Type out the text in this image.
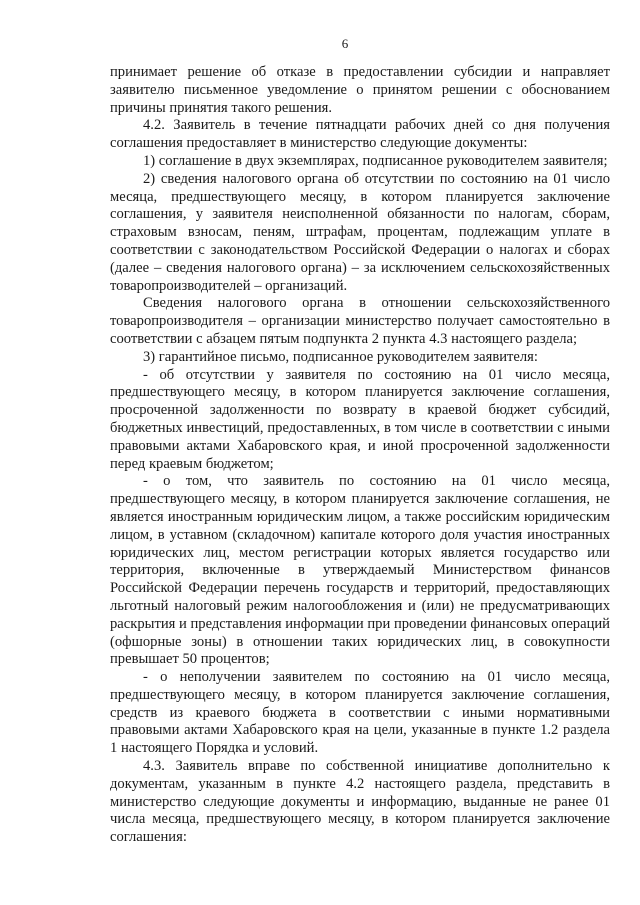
6

принимает решение об отказе в предоставлении субсидии и направляет заявителю письменное уведомление о принятом решении с обоснованием причины принятия такого решения.

4.2. Заявитель в течение пятнадцати рабочих дней со дня получения соглашения предоставляет в министерство следующие документы:

1) соглашение в двух экземплярах, подписанное руководителем заявителя;

2) сведения налогового органа об отсутствии по состоянию на 01 число месяца, предшествующего месяцу, в котором планируется заключение соглашения, у заявителя неисполненной обязанности по налогам, сборам, страховым взносам, пеням, штрафам, процентам, подлежащим уплате в соответствии с законодательством Российской Федерации о налогах и сборах (далее – сведения налогового органа) – за исключением сельскохозяйственных товаропроизводителей – организаций.

Сведения налогового органа в отношении сельскохозяйственного товаропроизводителя – организации министерство получает самостоятельно в соответствии с абзацем пятым подпункта 2 пункта 4.3 настоящего раздела;

3) гарантийное письмо, подписанное руководителем заявителя:

- об отсутствии у заявителя по состоянию на 01 число месяца, предшествующего месяцу, в котором планируется заключение соглашения, просроченной задолженности по возврату в краевой бюджет субсидий, бюджетных инвестиций, предоставленных, в том числе в соответствии с иными правовыми актами Хабаровского края, и иной просроченной задолженности перед краевым бюджетом;

- о том, что заявитель по состоянию на 01 число месяца, предшествующего месяцу, в котором планируется заключение соглашения, не является иностранным юридическим лицом, а также российским юридическим лицом, в уставном (складочном) капитале которого доля участия иностранных юридических лиц, местом регистрации которых является государство или территория, включенные в утверждаемый Министерством финансов Российской Федерации перечень государств и территорий, предоставляющих льготный налоговый режим налогообложения и (или) не предусматривающих раскрытия и представления информации при проведении финансовых операций (офшорные зоны) в отношении таких юридических лиц, в совокупности превышает 50 процентов;

- о неполучении заявителем по состоянию на 01 число месяца, предшествующего месяцу, в котором планируется заключение соглашения, средств из краевого бюджета в соответствии с иными нормативными правовыми актами Хабаровского края на цели, указанные в пункте 1.2 раздела 1 настоящего Порядка и условий.

4.3. Заявитель вправе по собственной инициативе дополнительно к документам, указанным в пункте 4.2 настоящего раздела, представить в министерство следующие документы и информацию, выданные не ранее 01 числа месяца, предшествующего месяцу, в котором планируется заключение соглашения:
